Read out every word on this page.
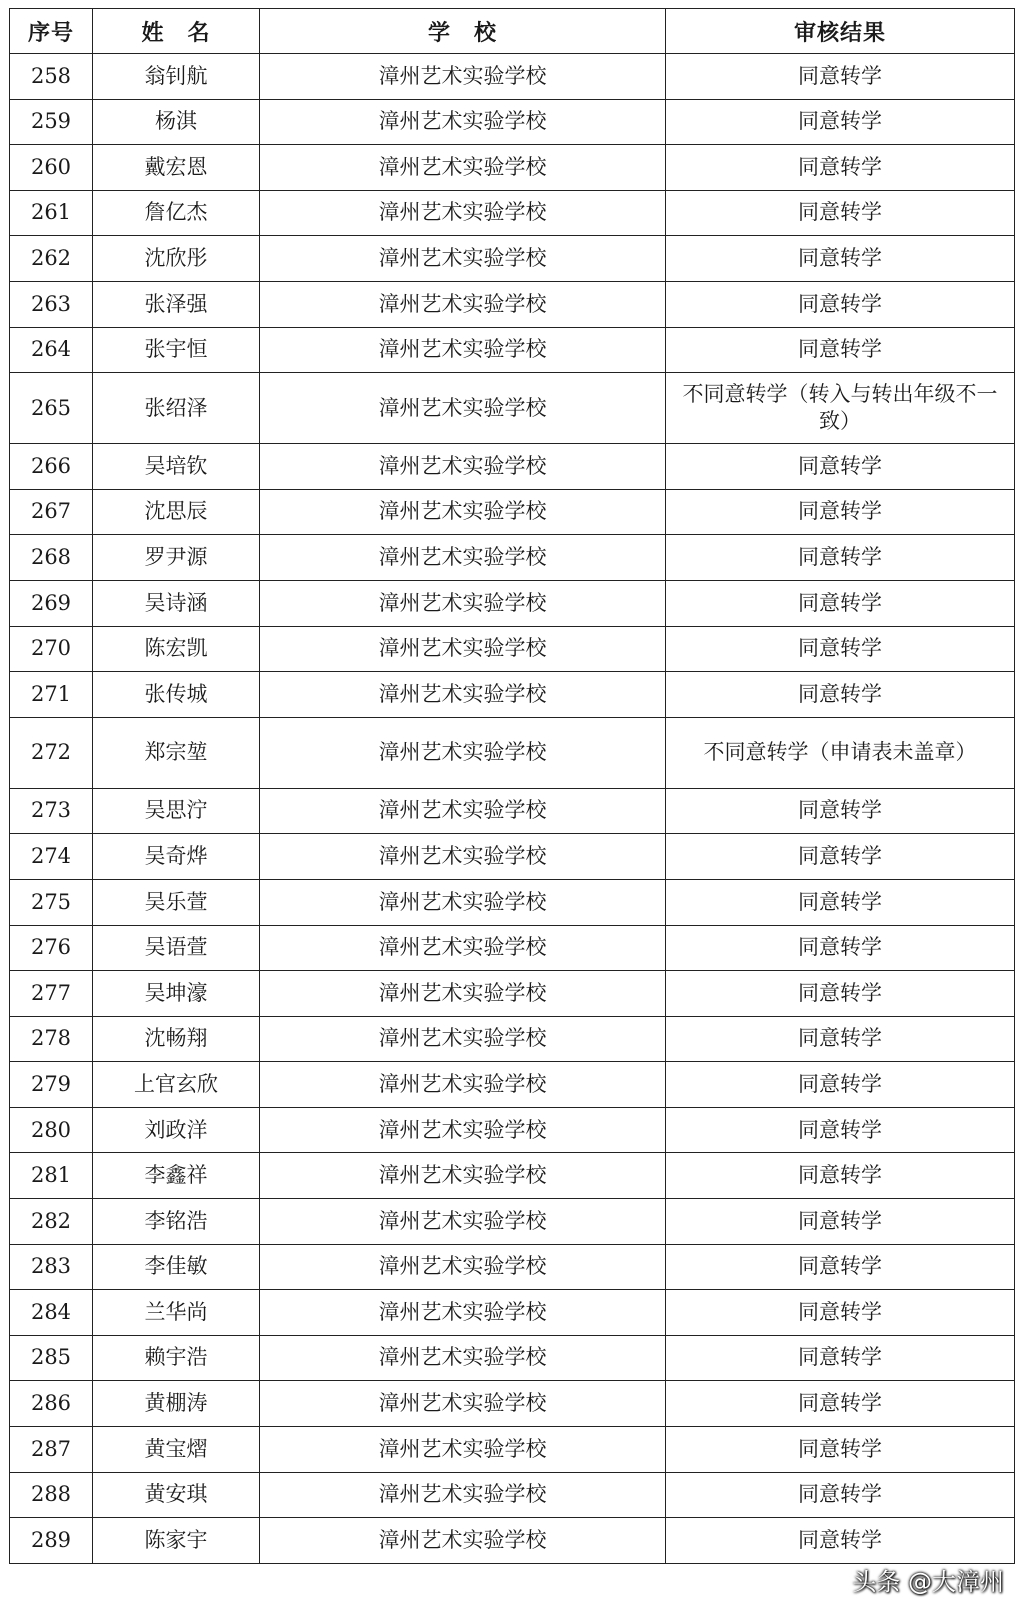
序号	姓　名	学　校	审核结果
258	翁钊航	漳州艺术实验学校	同意转学
259	杨淇	漳州艺术实验学校	同意转学
260	戴宏恩	漳州艺术实验学校	同意转学
261	詹亿杰	漳州艺术实验学校	同意转学
262	沈欣彤	漳州艺术实验学校	同意转学
263	张泽强	漳州艺术实验学校	同意转学
264	张宇恒	漳州艺术实验学校	同意转学
265	张绍泽	漳州艺术实验学校	不同意转学（转入与转出年级不一致）
266	吴培钦	漳州艺术实验学校	同意转学
267	沈思辰	漳州艺术实验学校	同意转学
268	罗尹源	漳州艺术实验学校	同意转学
269	吴诗涵	漳州艺术实验学校	同意转学
270	陈宏凯	漳州艺术实验学校	同意转学
271	张传城	漳州艺术实验学校	同意转学
272	郑宗堃	漳州艺术实验学校	不同意转学（申请表未盖章）
273	吴思泞	漳州艺术实验学校	同意转学
274	吴奇烨	漳州艺术实验学校	同意转学
275	吴乐萱	漳州艺术实验学校	同意转学
276	吴语萱	漳州艺术实验学校	同意转学
277	吴坤濠	漳州艺术实验学校	同意转学
278	沈畅翔	漳州艺术实验学校	同意转学
279	上官玄欣	漳州艺术实验学校	同意转学
280	刘政洋	漳州艺术实验学校	同意转学
281	李鑫祥	漳州艺术实验学校	同意转学
282	李铭浩	漳州艺术实验学校	同意转学
283	李佳敏	漳州艺术实验学校	同意转学
284	兰华尚	漳州艺术实验学校	同意转学
285	赖宇浩	漳州艺术实验学校	同意转学
286	黄棚涛	漳州艺术实验学校	同意转学
287	黄宝熠	漳州艺术实验学校	同意转学
288	黄安琪	漳州艺术实验学校	同意转学
289	陈家宇	漳州艺术实验学校	同意转学
头条 @大漳州
